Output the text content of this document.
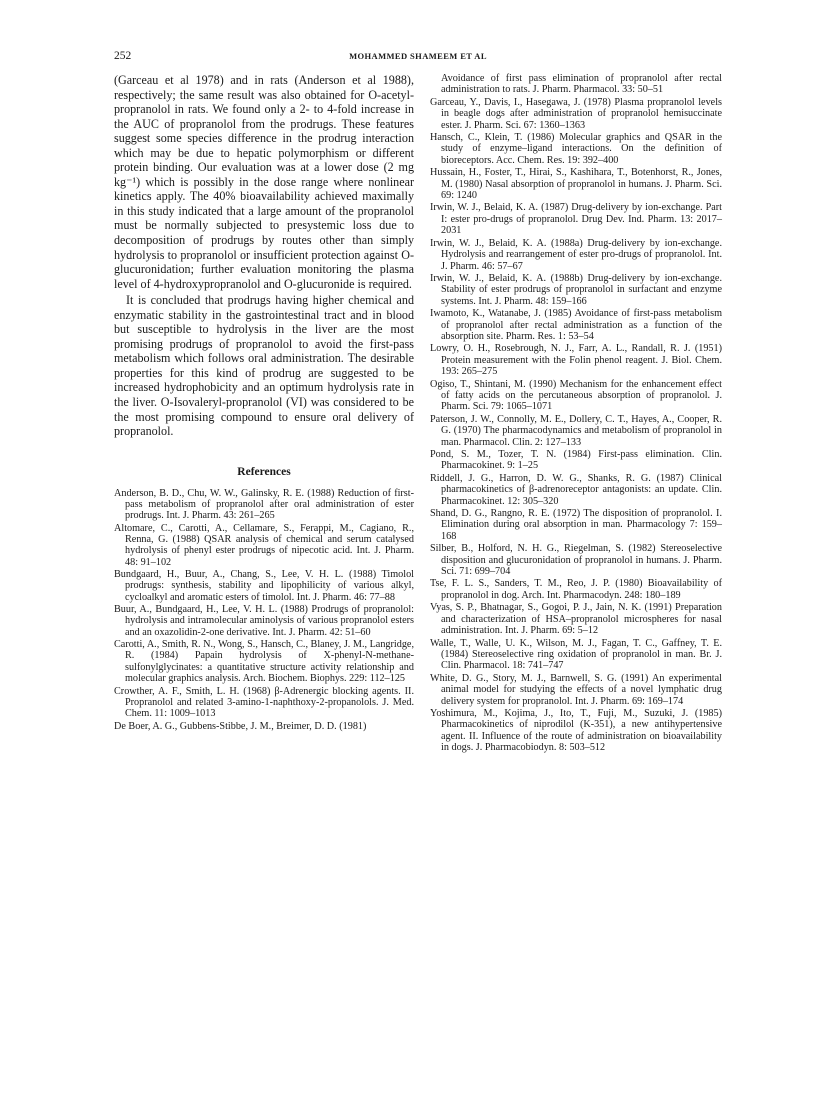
252	MOHAMMED SHAMEEM ET AL

(Garceau et al 1978) and in rats (Anderson et al 1988), respectively; the same result was also obtained for O-acetyl-propranolol in rats. We found only a 2- to 4-fold increase in the AUC of propranolol from the prodrugs. These features suggest some species difference in the prodrug interaction which may be due to hepatic polymorphism or different protein binding. Our evaluation was at a lower dose (2 mg kg⁻¹) which is possibly in the dose range where nonlinear kinetics apply. The 40% bioavailability achieved maximally in this study indicated that a large amount of the propranolol must be normally subjected to presystemic loss due to decomposition of prodrugs by routes other than simply hydrolysis to propranolol or insufficient protection against O-glucuronidation; further evaluation monitoring the plasma level of 4-hydroxypropranolol and O-glucuronide is required.

It is concluded that prodrugs having higher chemical and enzymatic stability in the gastrointestinal tract and in blood but susceptible to hydrolysis in the liver are the most promising prodrugs of propranolol to avoid the first-pass metabolism which follows oral administration. The desirable properties for this kind of prodrug are suggested to be increased hydrophobicity and an optimum hydrolysis rate in the liver. O-Isovaleryl-propranolol (VI) was considered to be the most promising compound to ensure oral delivery of propranolol.

References

Anderson, B. D., Chu, W. W., Galinsky, R. E. (1988) Reduction of first-pass metabolism of propranolol after oral administration of ester prodrugs. Int. J. Pharm. 43: 261–265

Altomare, C., Carotti, A., Cellamare, S., Ferappi, M., Cagiano, R., Renna, G. (1988) QSAR analysis of chemical and serum catalysed hydrolysis of phenyl ester prodrugs of nipecotic acid. Int. J. Pharm. 48: 91–102

Bundgaard, H., Buur, A., Chang, S., Lee, V. H. L. (1988) Timolol prodrugs: synthesis, stability and lipophilicity of various alkyl, cycloalkyl and aromatic esters of timolol. Int. J. Pharm. 46: 77–88

Buur, A., Bundgaard, H., Lee, V. H. L. (1988) Prodrugs of propranolol: hydrolysis and intramolecular aminolysis of various propranolol esters and an oxazolidin-2-one derivative. Int. J. Pharm. 42: 51–60

Carotti, A., Smith, R. N., Wong, S., Hansch, C., Blaney, J. M., Langridge, R. (1984) Papain hydrolysis of X-phenyl-N-methane-sulfonylglycinates: a quantitative structure activity relationship and molecular graphics analysis. Arch. Biochem. Biophys. 229: 112–125

Crowther, A. F., Smith, L. H. (1968) β-Adrenergic blocking agents. II. Propranolol and related 3-amino-1-naphthoxy-2-propanolols. J. Med. Chem. 11: 1009–1013

De Boer, A. G., Gubbens-Stibbe, J. M., Breimer, D. D. (1981)

Avoidance of first pass elimination of propranolol after rectal administration to rats. J. Pharm. Pharmacol. 33: 50–51

Garceau, Y., Davis, I., Hasegawa, J. (1978) Plasma propranolol levels in beagle dogs after administration of propranolol hemisuccinate ester. J. Pharm. Sci. 67: 1360–1363

Hansch, C., Klein, T. (1986) Molecular graphics and QSAR in the study of enzyme–ligand interactions. On the definition of bioreceptors. Acc. Chem. Res. 19: 392–400

Hussain, H., Foster, T., Hirai, S., Kashihara, T., Botenhorst, R., Jones, M. (1980) Nasal absorption of propranolol in humans. J. Pharm. Sci. 69: 1240

Irwin, W. J., Belaid, K. A. (1987) Drug-delivery by ion-exchange. Part I: ester pro-drugs of propranolol. Drug Dev. Ind. Pharm. 13: 2017–2031

Irwin, W. J., Belaid, K. A. (1988a) Drug-delivery by ion-exchange. Hydrolysis and rearrangement of ester pro-drugs of propranolol. Int. J. Pharm. 46: 57–67

Irwin, W. J., Belaid, K. A. (1988b) Drug-delivery by ion-exchange. Stability of ester prodrugs of propranolol in surfactant and enzyme systems. Int. J. Pharm. 48: 159–166

Iwamoto, K., Watanabe, J. (1985) Avoidance of first-pass metabolism of propranolol after rectal administration as a function of the absorption site. Pharm. Res. 1: 53–54

Lowry, O. H., Rosebrough, N. J., Farr, A. L., Randall, R. J. (1951) Protein measurement with the Folin phenol reagent. J. Biol. Chem. 193: 265–275

Ogiso, T., Shintani, M. (1990) Mechanism for the enhancement effect of fatty acids on the percutaneous absorption of propranolol. J. Pharm. Sci. 79: 1065–1071

Paterson, J. W., Connolly, M. E., Dollery, C. T., Hayes, A., Cooper, R. G. (1970) The pharmacodynamics and metabolism of propranolol in man. Pharmacol. Clin. 2: 127–133

Pond, S. M., Tozer, T. N. (1984) First-pass elimination. Clin. Pharmacokinet. 9: 1–25

Riddell, J. G., Harron, D. W. G., Shanks, R. G. (1987) Clinical pharmacokinetics of β-adrenoreceptor antagonists: an update. Clin. Pharmacokinet. 12: 305–320

Shand, D. G., Rangno, R. E. (1972) The disposition of propranolol. I. Elimination during oral absorption in man. Pharmacology 7: 159–168

Silber, B., Holford, N. H. G., Riegelman, S. (1982) Stereoselective disposition and glucuronidation of propranolol in humans. J. Pharm. Sci. 71: 699–704

Tse, F. L. S., Sanders, T. M., Reo, J. P. (1980) Bioavailability of propranolol in dog. Arch. Int. Pharmacodyn. 248: 180–189

Vyas, S. P., Bhatnagar, S., Gogoi, P. J., Jain, N. K. (1991) Preparation and characterization of HSA–propranolol microspheres for nasal administration. Int. J. Pharm. 69: 5–12

Walle, T., Walle, U. K., Wilson, M. J., Fagan, T. C., Gaffney, T. E. (1984) Stereoselective ring oxidation of propranolol in man. Br. J. Clin. Pharmacol. 18: 741–747

White, D. G., Story, M. J., Barnwell, S. G. (1991) An experimental animal model for studying the effects of a novel lymphatic drug delivery system for propranolol. Int. J. Pharm. 69: 169–174

Yoshimura, M., Kojima, J., Ito, T., Fuji, M., Suzuki, J. (1985) Pharmacokinetics of niprodilol (K-351), a new antihypertensive agent. II. Influence of the route of administration on bioavailability in dogs. J. Pharmacobiodyn. 8: 503–512
